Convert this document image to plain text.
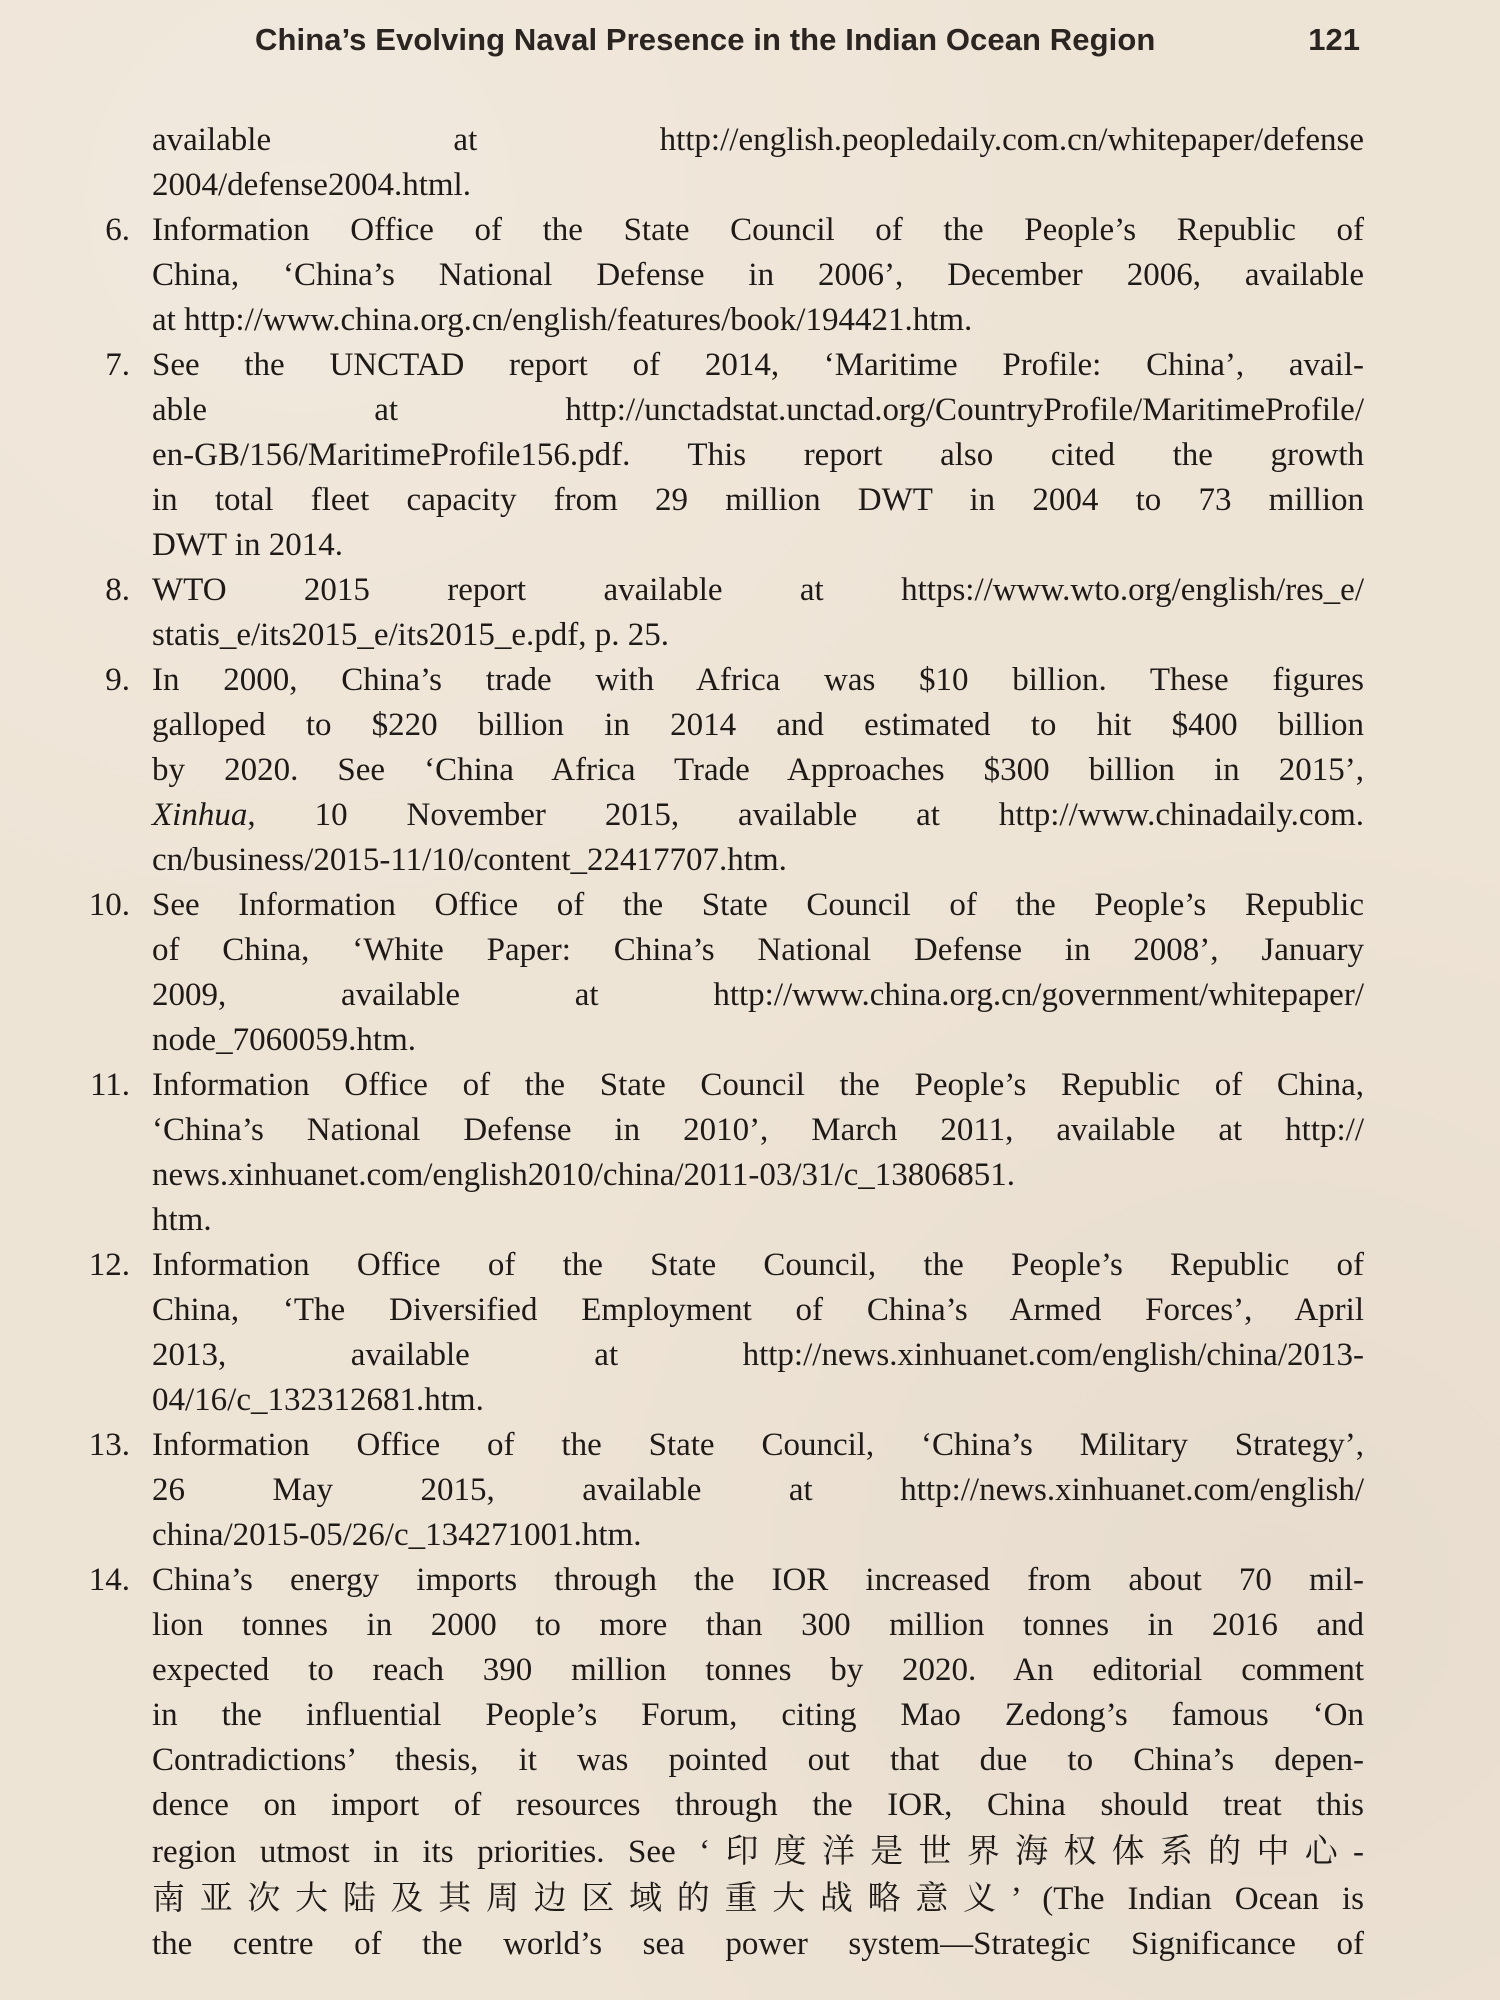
China’s Evolving Naval Presence in the Indian Ocean Region	121
available at http://english.peopledaily.com.cn/whitepaper/defense
2004/defense2004.html.
6. Information Office of the State Council of the People’s Republic of
China, ‘China’s National Defense in 2006’, December 2006, available
at http://www.china.org.cn/english/features/book/194421.htm.
7. See the UNCTAD report of 2014, ‘Maritime Profile: China’, avail-
able at http://unctadstat.unctad.org/CountryProfile/MaritimeProfile/
en-GB/156/MaritimeProfile156.pdf. This report also cited the growth
in total fleet capacity from 29 million DWT in 2004 to 73 million
DWT in 2014.
8. WTO 2015 report available at https://www.wto.org/english/res_e/
statis_e/its2015_e/its2015_e.pdf, p. 25.
9. In 2000, China’s trade with Africa was $10 billion. These figures
galloped to $220 billion in 2014 and estimated to hit $400 billion
by 2020. See ‘China Africa Trade Approaches $300 billion in 2015’,
Xinhua, 10 November 2015, available at http://www.chinadaily.com.
cn/business/2015-11/10/content_22417707.htm.
10. See Information Office of the State Council of the People’s Republic
of China, ‘White Paper: China’s National Defense in 2008’, January
2009, available at http://www.china.org.cn/government/whitepaper/
node_7060059.htm.
11. Information Office of the State Council the People’s Republic of China,
‘China’s National Defense in 2010’, March 2011, available at http://
news.xinhuanet.com/english2010/china/2011-03/31/c_13806851.
htm.
12. Information Office of the State Council, the People’s Republic of
China, ‘The Diversified Employment of China’s Armed Forces’, April
2013, available at http://news.xinhuanet.com/english/china/2013-
04/16/c_132312681.htm.
13. Information Office of the State Council, ‘China’s Military Strategy’,
26 May 2015, available at http://news.xinhuanet.com/english/
china/2015-05/26/c_134271001.htm.
14. China’s energy imports through the IOR increased from about 70 mil-
lion tonnes in 2000 to more than 300 million tonnes in 2016 and
expected to reach 390 million tonnes by 2020. An editorial comment
in the influential People’s Forum, citing Mao Zedong’s famous ‘On
Contradictions’ thesis, it was pointed out that due to China’s depen-
dence on import of resources through the IOR, China should treat this
region utmost in its priorities. See ‘印度洋是世界海权体系的中心-
南亚次大陆及其周边区域的重大战略意义’ (The Indian Ocean is
the centre of the world’s sea power system—Strategic Significance of
